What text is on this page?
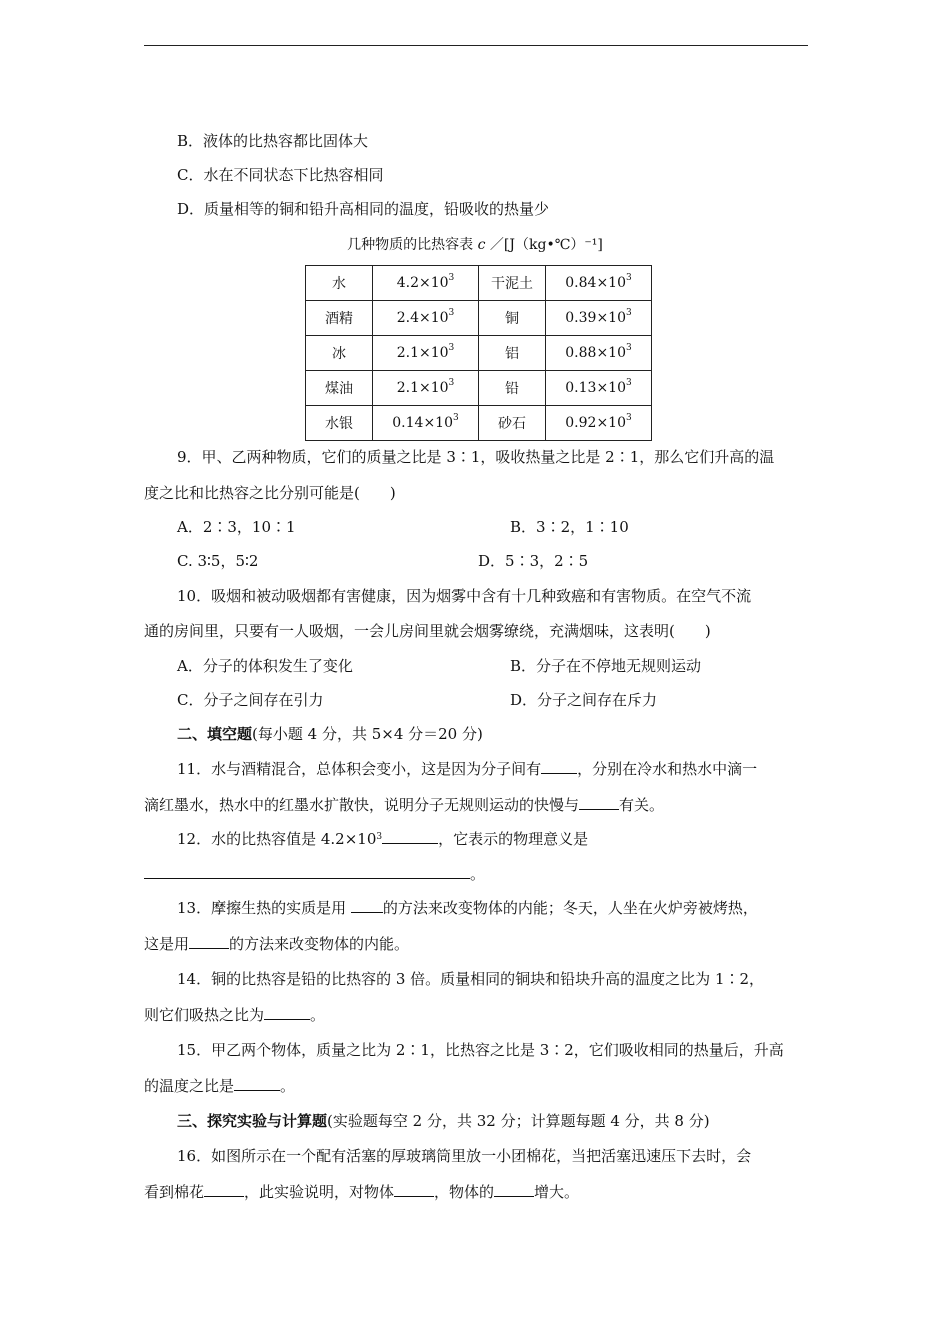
B．液体的比热容都比固体大
C．水在不同状态下比热容相同
D．质量相等的铜和铅升高相同的温度，铅吸收的热量少
几种物质的比热容表 c ／[J（kg•℃）⁻¹]
水	$4.2\times 10^3$	干泥土	$0.84\times 10^3$
酒精	$2.4\times 10^3$	铜	$0.39\times 10^3$
冰	$2.1\times 10^3$	铝	$0.88\times 10^3$
煤油	$2.1\times 10^3$	铅	$0.13\times 10^3$
水银	$0.14\times 10^3$	砂石	$0.92\times 10^3$
9．甲、乙两种物质，它们的质量之比是 3∶1，吸收热量之比是 2∶1，那么它们升高的温
度之比和比热容之比分别可能是(　　)
A．2∶3，10∶1	B．3∶2，1∶10
C. 3∶5，5∶2	D．5∶3，2∶5
10．吸烟和被动吸烟都有害健康，因为烟雾中含有十几种致癌和有害物质。在空气不流
通的房间里，只要有一人吸烟，一会儿房间里就会烟雾缭绕，充满烟味，这表明(　　)
A．分子的体积发生了变化	B．分子在不停地无规则运动
C．分子之间存在引力	D．分子之间存在斥力
二、填空题(每小题 4 分，共 5×4 分＝20 分)
11．水与酒精混合，总体积会变小，这是因为分子间有 ，分别在冷水和热水中滴一
滴红墨水，热水中的红墨水扩散快，说明分子无规则运动的快慢与	有关。
12．水的比热容值是 $4.2\times 10^3$	，它表示的物理意义是
。
13．摩擦生热的实质是用 的方法来改变物体的内能；冬天，人坐在火炉旁被烤热，
这是用	的方法来改变物体的内能。
14．铜的比热容是铅的比热容的 3 倍。质量相同的铜块和铅块升高的温度之比为 1∶2，
则它们吸热之比为	。
15．甲乙两个物体，质量之比为 2∶1，比热容之比是 3∶2，它们吸收相同的热量后，升高
的温度之比是	。
三、探究实验与计算题(实验题每空 2 分，共 32 分；计算题每题 4 分，共 8 分)
16．如图所示在一个配有活塞的厚玻璃筒里放一小团棉花，当把活塞迅速压下去时，会
看到棉花	，此实验说明，对物体	，物体的	增大。
